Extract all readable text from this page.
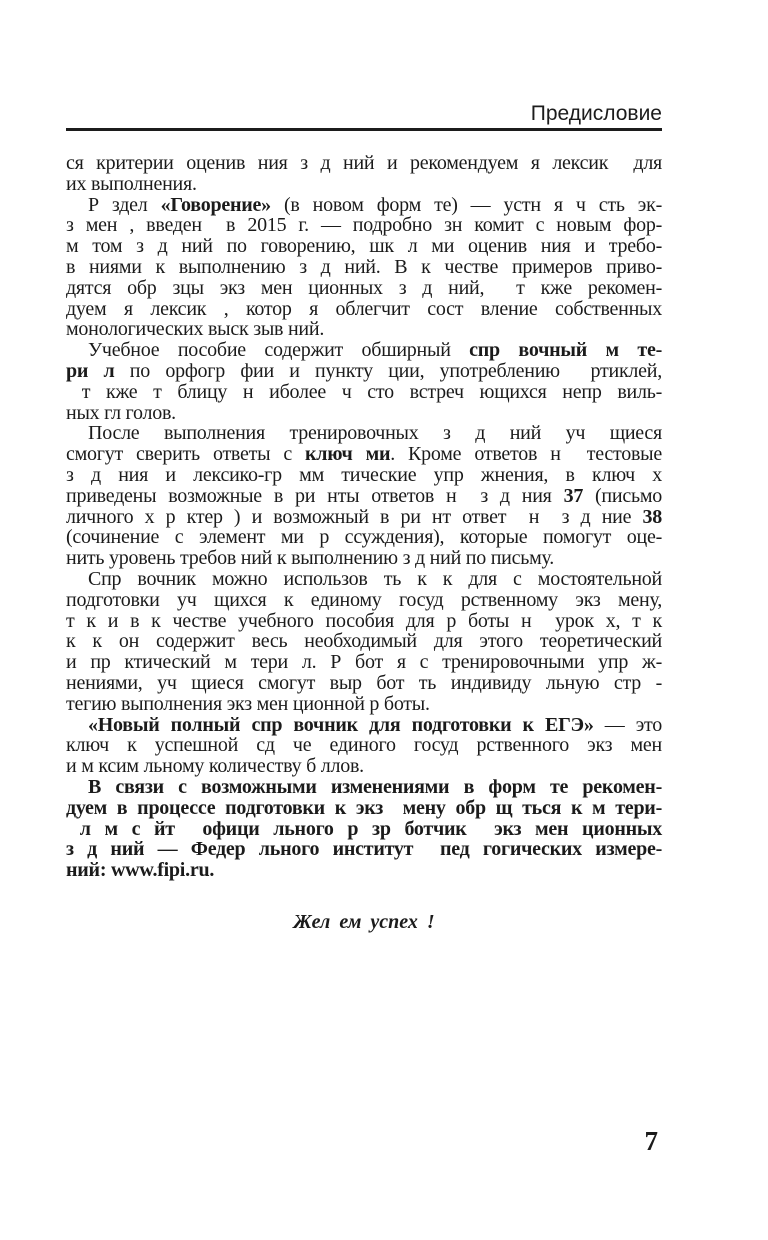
Предисловие
ся критерии оценив ния з д ний и рекомендуем я лексик  для
их выполнения.
Р здел «Говорение» (в новом форм те) — устн я ч сть эк-
з мен , введен  в 2015 г. — подробно зн комит с новым фор-
м том з д ний по говорению, шк л ми оценив ния и требо-
в ниями к выполнению з д ний. В к честве примеров приво-
дятся обр зцы экз мен ционных з д ний,  т кже рекомен-
дуем я лексик , котор я облегчит сост вление собственных
монологических выск зыв ний.
Учебное пособие содержит обширный спр вочный м те-
ри л по орфогр фии и пункту ции, употреблению  ртиклей,
т кже т блицу н иболее ч сто встреч ющихся непр виль-
ных гл голов.
После выполнения тренировочных з д ний уч щиеся
смогут сверить ответы с ключ ми. Кроме ответов н  тестовые
з д ния и лексико-гр мм тические упр жнения, в ключ х
приведены возможные в ри нты ответов н  з д ния 37 (письмо
личного х р ктер ) и возможный в ри нт ответ  н  з д ние 38
(сочинение с элемент ми р ссуждения), которые помогут оце-
нить уровень требов ний к выполнению з д ний по письму.
Спр вочник можно использов ть к к для с мостоятельной
подготовки уч щихся к единому госуд рственному экз мену,
т к и в к честве учебного пособия для р боты н  урок х, т к
к к он содержит весь необходимый для этого теоретический
и пр ктический м тери л. Р бот я с тренировочными упр ж-
нениями, уч щиеся смогут выр бот ть индивиду льную стр -
тегию выполнения экз мен ционной р боты.
«Новый полный спр вочник для подготовки к ЕГЭ» — это
ключ к успешной сд че единого госуд рственного экз мен
и м ксим льному количеству б ллов.
В связи с возможными изменениями в форм те рекомен-
дуем в процессе подготовки к экз  мену обр щ ться к м тери-
л м с йт  офици льного р зр ботчик  экз мен ционных
з д ний — Федер льного институт  пед гогических измере-
ний: www.fipi.ru.
Жел ем успех !
7
